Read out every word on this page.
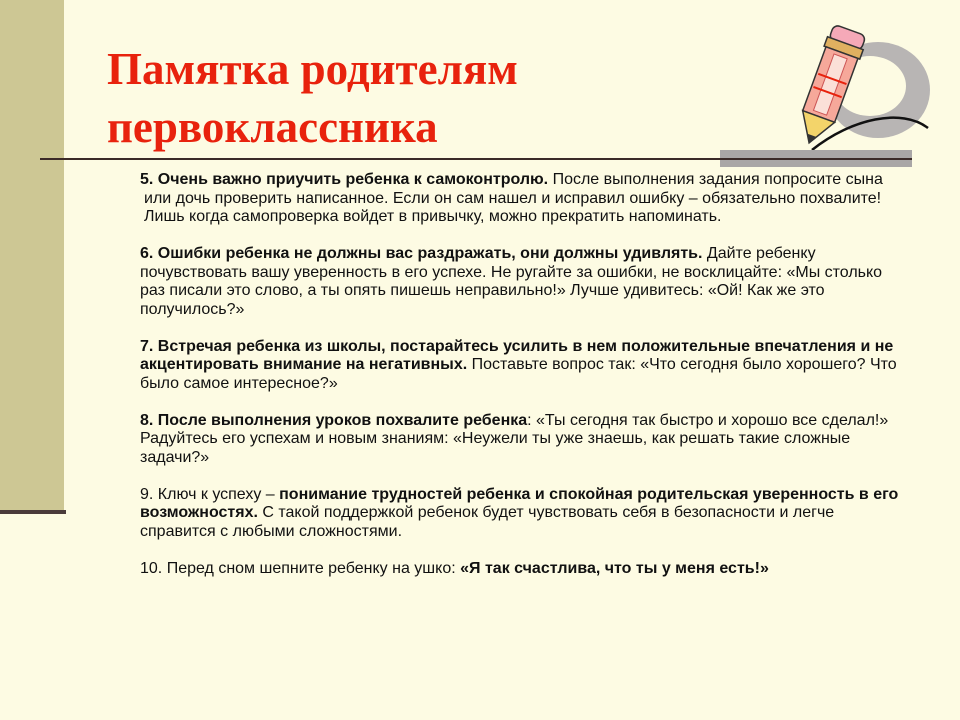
Памятка родителям первоклассника

5. Очень важно приучить ребенка к самоконтролю. После выполнения задания попросите сына или дочь проверить написанное. Если он сам нашел и исправил ошибку – обязательно похвалите! Лишь когда самопроверка войдет в привычку, можно прекратить напоминать.

6. Ошибки ребенка не должны вас раздражать, они должны удивлять. Дайте ребенку почувствовать вашу уверенность в его успехе. Не ругайте за ошибки, не восклицайте: «Мы столько раз писали это слово, а ты опять пишешь неправильно!» Лучше удивитесь: «Ой! Как же это получилось?»

7. Встречая ребенка из школы, постарайтесь усилить в нем положительные впечатления и не акцентировать внимание на негативных. Поставьте вопрос так: «Что сегодня было хорошего? Что было самое интересное?»

8. После выполнения уроков похвалите ребенка: «Ты сегодня так быстро и хорошо все сделал!» Радуйтесь его успехам и новым знаниям: «Неужели ты уже знаешь, как решать такие сложные задачи?»

9. Ключ к успеху – понимание трудностей ребенка и спокойная родительская уверенность в его возможностях. С такой поддержкой ребенок будет чувствовать себя в безопасности и легче справится с любыми сложностями.

10. Перед сном шепните ребенку на ушко: «Я так счастлива, что ты у меня есть!»
